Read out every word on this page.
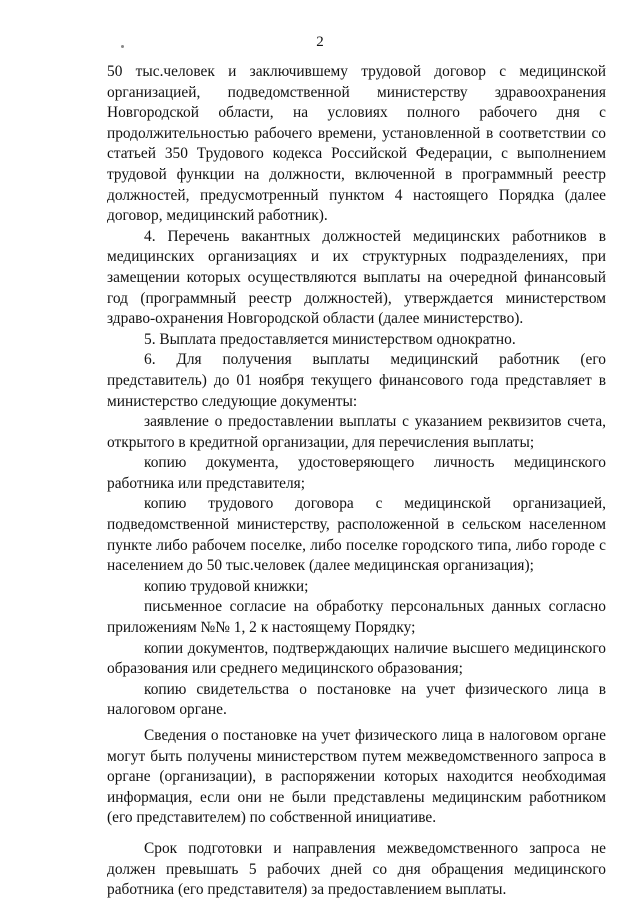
2

50 тыс.человек и заключившему трудовой договор с медицинской организацией, подведомственной министерству здравоохранения Новгородской области, на условиях полного рабочего дня с продолжительностью рабочего времени, установленной в соответствии со статьей 350 Трудового кодекса Российской Федерации, с выполнением трудовой функции на должности, включенной в программный реестр должностей, предусмотренный пунктом 4 настоящего Порядка (далее договор, медицинский работник).

4. Перечень вакантных должностей медицинских работников в медицинских организациях и их структурных подразделениях, при замещении которых осуществляются выплаты на очередной финансовый год (программный реестр должностей), утверждается министерством здраво-охранения Новгородской области (далее министерство).

5. Выплата предоставляется министерством однократно.

6. Для получения выплаты медицинский работник (его представитель) до 01 ноября текущего финансового года представляет в министерство следующие документы:

заявление о предоставлении выплаты с указанием реквизитов счета, открытого в кредитной организации, для перечисления выплаты;

копию документа, удостоверяющего личность медицинского работника или представителя;

копию трудового договора с медицинской организацией, подведомственной министерству, расположенной в сельском населенном пункте либо рабочем поселке, либо поселке городского типа, либо городе с населением до 50 тыс.человек (далее медицинская организация);

копию трудовой книжки;

письменное согласие на обработку персональных данных согласно приложениям №№ 1, 2 к настоящему Порядку;

копии документов, подтверждающих наличие высшего медицинского образования или среднего медицинского образования;

копию свидетельства о постановке на учет физического лица в налоговом органе.

Сведения о постановке на учет физического лица в налоговом органе могут быть получены министерством путем межведомственного запроса в органе (организации), в распоряжении которых находится необходимая информация, если они не были представлены медицинским работником (его представителем) по собственной инициативе.

Срок подготовки и направления межведомственного запроса не должен превышать 5 рабочих дней со дня обращения медицинского работника (его представителя) за предоставлением выплаты.
